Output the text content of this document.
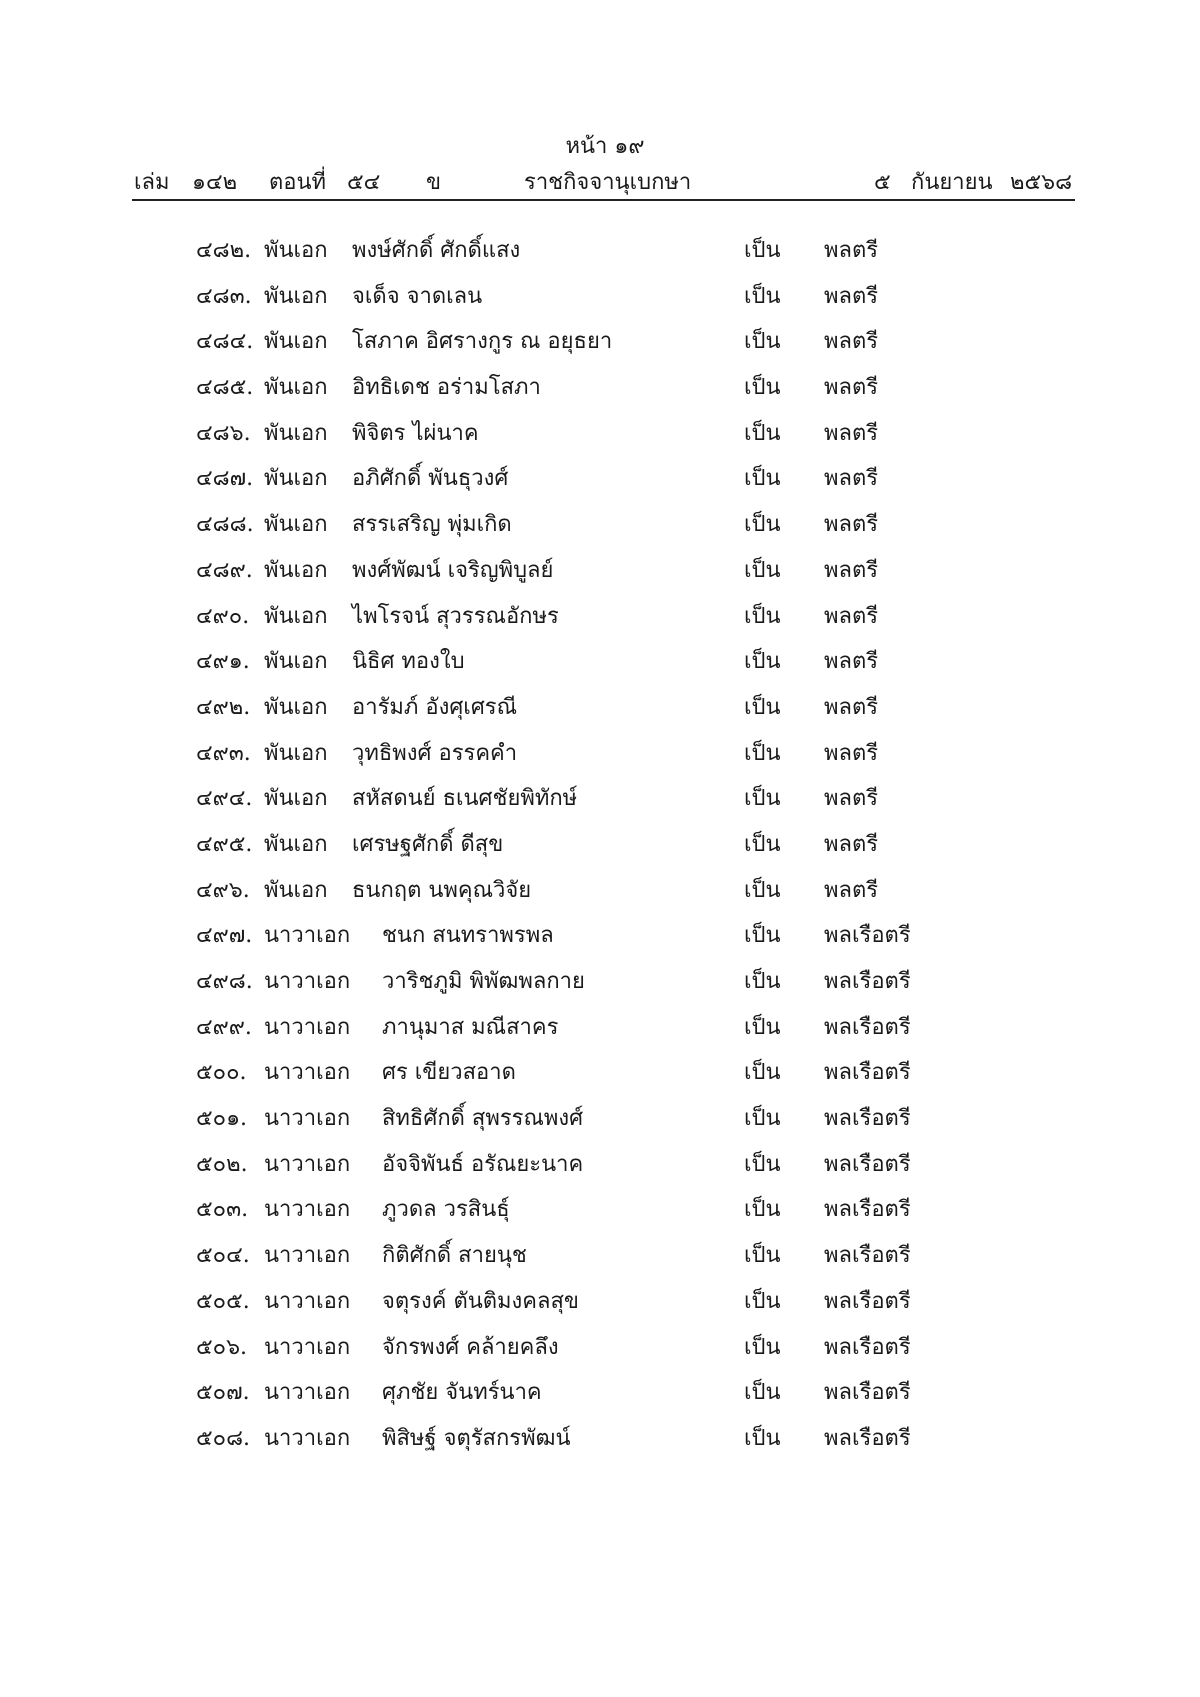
หน้า ๑๙
เล่ม ๑๔๒ ตอนที่ ๕๔ ข	ราชกิจจานุเบกษา	๕ กันยายน ๒๕๖๘
๔๘๒. พันเอก พงษ์ศักดิ์ ศักดิ์แสง	เป็น พลตรี
๔๘๓. พันเอก จเด็จ จาดเลน	เป็น พลตรี
๔๘๔. พันเอก โสภาค อิศรางกูร ณ อยุธยา	เป็น พลตรี
๔๘๕. พันเอก อิทธิเดช อร่ามโสภา	เป็น พลตรี
๔๘๖. พันเอก พิจิตร ไผ่นาค	เป็น พลตรี
๔๘๗. พันเอก อภิศักดิ์ พันธุวงศ์	เป็น พลตรี
๔๘๘. พันเอก สรรเสริญ พุ่มเกิด	เป็น พลตรี
๔๘๙. พันเอก พงศ์พัฒน์ เจริญพิบูลย์	เป็น พลตรี
๔๙๐. พันเอก ไพโรจน์ สุวรรณอักษร	เป็น พลตรี
๔๙๑. พันเอก นิธิศ ทองใบ	เป็น พลตรี
๔๙๒. พันเอก อารัมภ์ อังศุเศรณี	เป็น พลตรี
๔๙๓. พันเอก วุทธิพงศ์ อรรคคำ	เป็น พลตรี
๔๙๔. พันเอก สหัสดนย์ ธเนศชัยพิทักษ์	เป็น พลตรี
๔๙๕. พันเอก เศรษฐศักดิ์ ดีสุข	เป็น พลตรี
๔๙๖. พันเอก ธนกฤต นพคุณวิจัย	เป็น พลตรี
๔๙๗. นาวาเอก ชนก สนทราพรพล	เป็น พลเรือตรี
๔๙๘. นาวาเอก วาริชภูมิ พิพัฒพลกาย	เป็น พลเรือตรี
๔๙๙. นาวาเอก ภานุมาส มณีสาคร	เป็น พลเรือตรี
๕๐๐. นาวาเอก ศร เขียวสอาด	เป็น พลเรือตรี
๕๐๑. นาวาเอก สิทธิศักดิ์ สุพรรณพงศ์	เป็น พลเรือตรี
๕๐๒. นาวาเอก อัจจิพันธ์ อรัณยะนาค	เป็น พลเรือตรี
๕๐๓. นาวาเอก ภูวดล วรสินธุ์	เป็น พลเรือตรี
๕๐๔. นาวาเอก กิติศักดิ์ สายนุช	เป็น พลเรือตรี
๕๐๕. นาวาเอก จตุรงค์ ตันติมงคลสุข	เป็น พลเรือตรี
๕๐๖. นาวาเอก จักรพงศ์ คล้ายคลึง	เป็น พลเรือตรี
๕๐๗. นาวาเอก ศุภชัย จันทร์นาค	เป็น พลเรือตรี
๕๐๘. นาวาเอก พิสิษฐ์ จตุรัสกรพัฒน์	เป็น พลเรือตรี
